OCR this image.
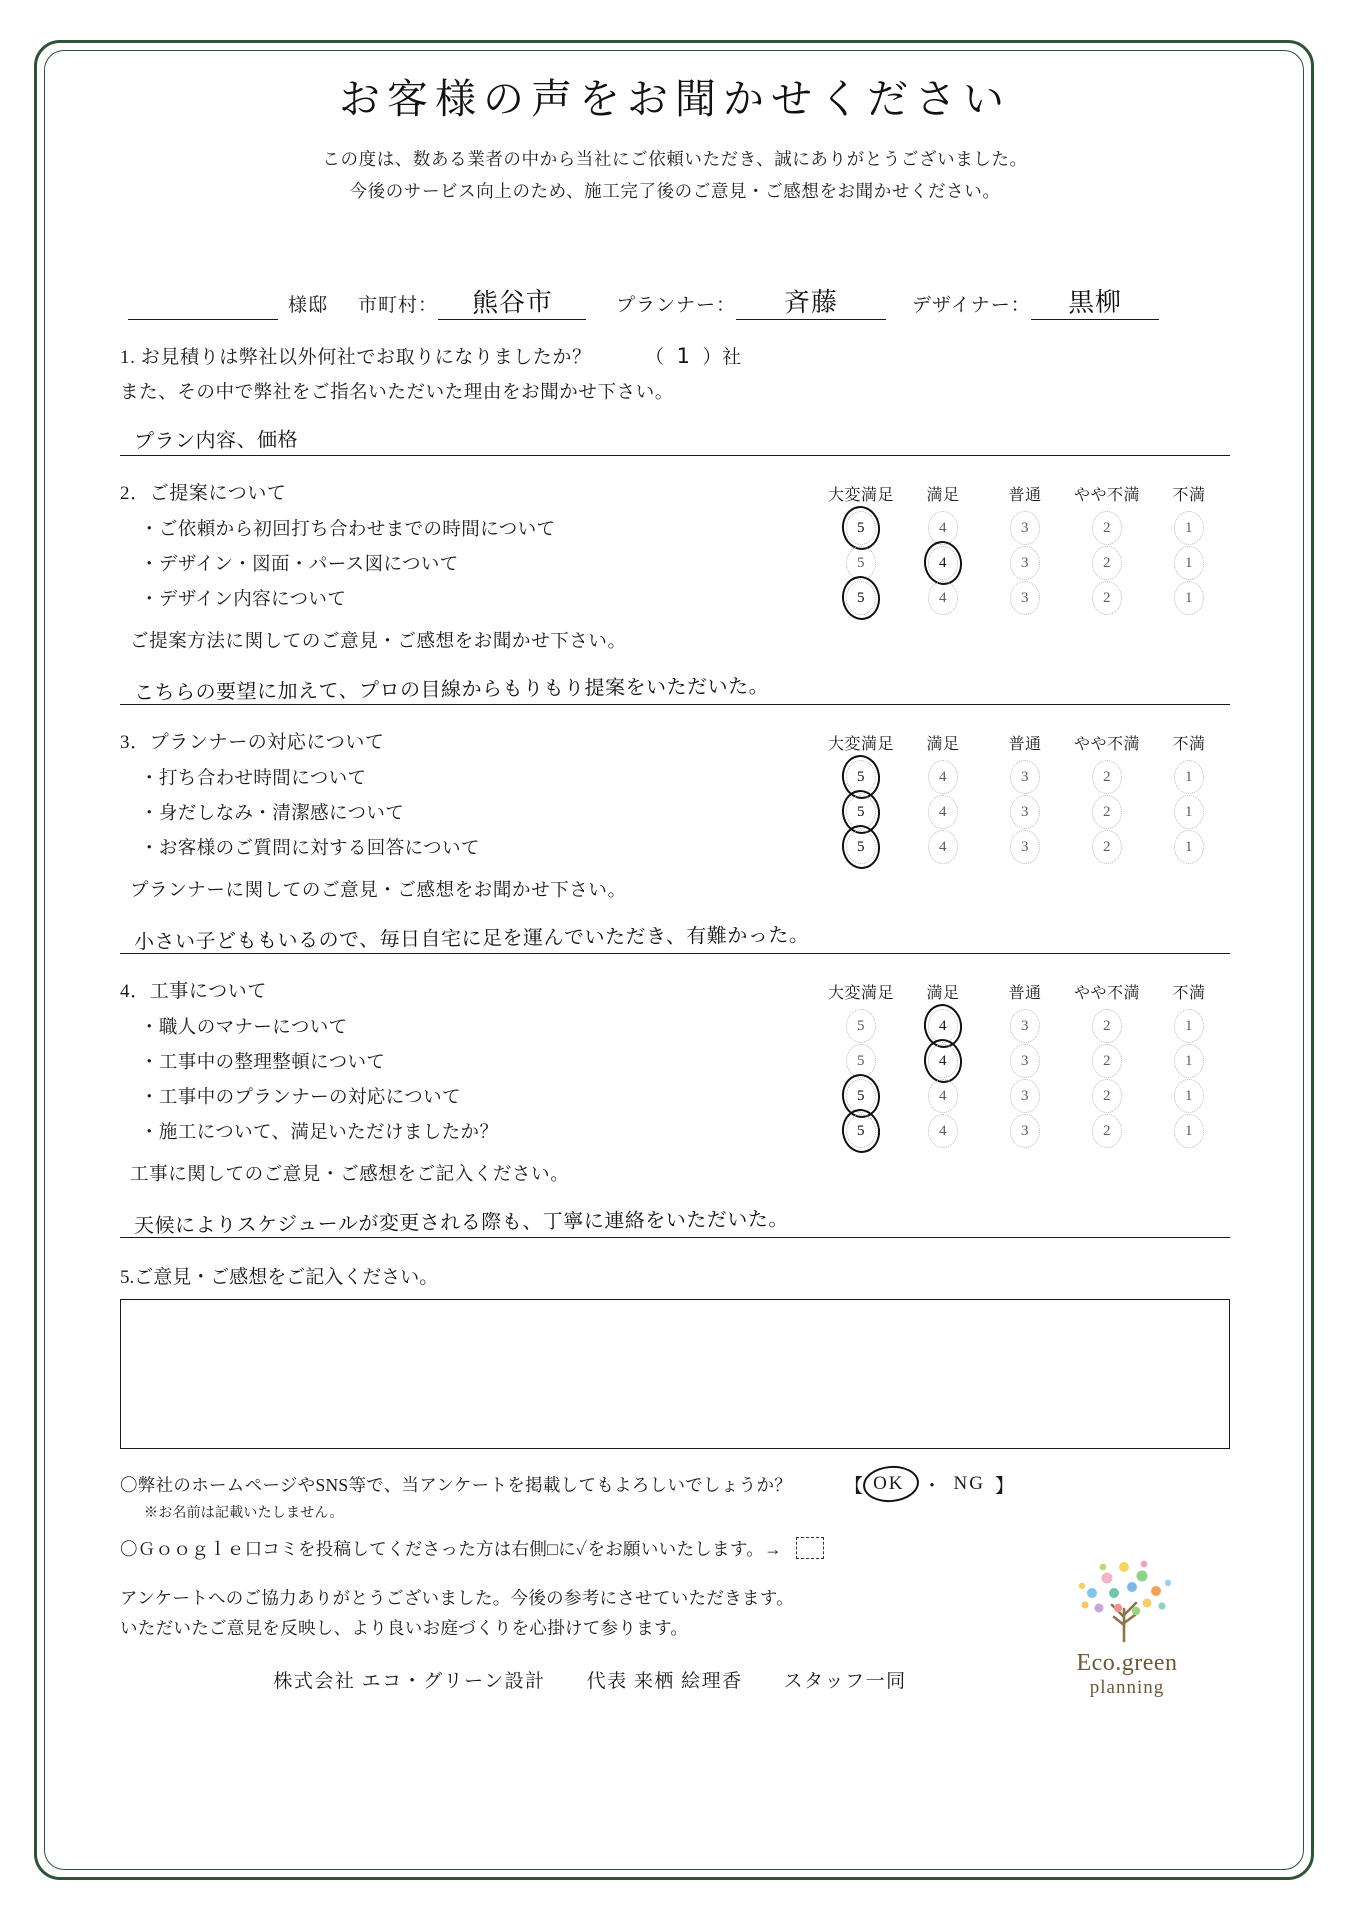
お客様の声をお聞かせください
この度は、数ある業者の中から当社にご依頼いただき、誠にありがとうございました。
今後のサービス向上のため、施工完了後のご意見・ご感想をお聞かせください。
様邸 市町村： 熊谷市	プランナー： 斉藤	デザイナー： 黒柳
1. お見積りは弊社以外何社でお取りになりましたか？	（ 1 ）社
また、その中で弊社をご指名いただいた理由をお聞かせ下さい。
プラン内容、価格
2．ご提案について	大変満足	満足	普通	やや不満	不満
・ご依頼から初回打ち合わせまでの時間について	5	4	3	2	1
・デザイン・図面・パース図について	5	4	3	2	1
・デザイン内容について	5	4	3	2	1
ご提案方法に関してのご意見・ご感想をお聞かせ下さい。
こちらの要望に加えて、プロの目線からもりもり提案をいただいた。
3．プランナーの対応について	大変満足	満足	普通	やや不満	不満
・打ち合わせ時間について	5	4	3	2	1
・身だしなみ・清潔感について	5	4	3	2	1
・お客様のご質問に対する回答について	5	4	3	2	1
プランナーに関してのご意見・ご感想をお聞かせ下さい。
小さい子どももいるので、毎日自宅に足を運んでいただき、有難かった。
4．工事について	大変満足	満足	普通	やや不満	不満
・職人のマナーについて	5	4	3	2	1
・工事中の整理整頓について	5	4	3	2	1
・工事中のプランナーの対応について	5	4	3	2	1
・施工について、満足いただけましたか？	5	4	3	2	1
工事に関してのご意見・ご感想をご記入ください。
天候によりスケジュールが変更される際も、丁寧に連絡をいただいた。
5.ご意見・ご感想をご記入ください。
〇弊社のホームページやSNS等で、当アンケートを掲載してもよろしいでしょうか？	【 OK ・ NG 】
※お名前は記載いたしません。
〇Ｇｏｏｇｌｅ口コミを投稿してくださった方は右側□に✓をお願いいたします。→
アンケートへのご協力ありがとうございました。今後の参考にさせていただきます。
いただいたご意見を反映し、より良いお庭づくりを心掛けて参ります。
株式会社 エコ・グリーン設計　　代表 来栖 絵理香　　スタッフ一同
Eco.green
planning
